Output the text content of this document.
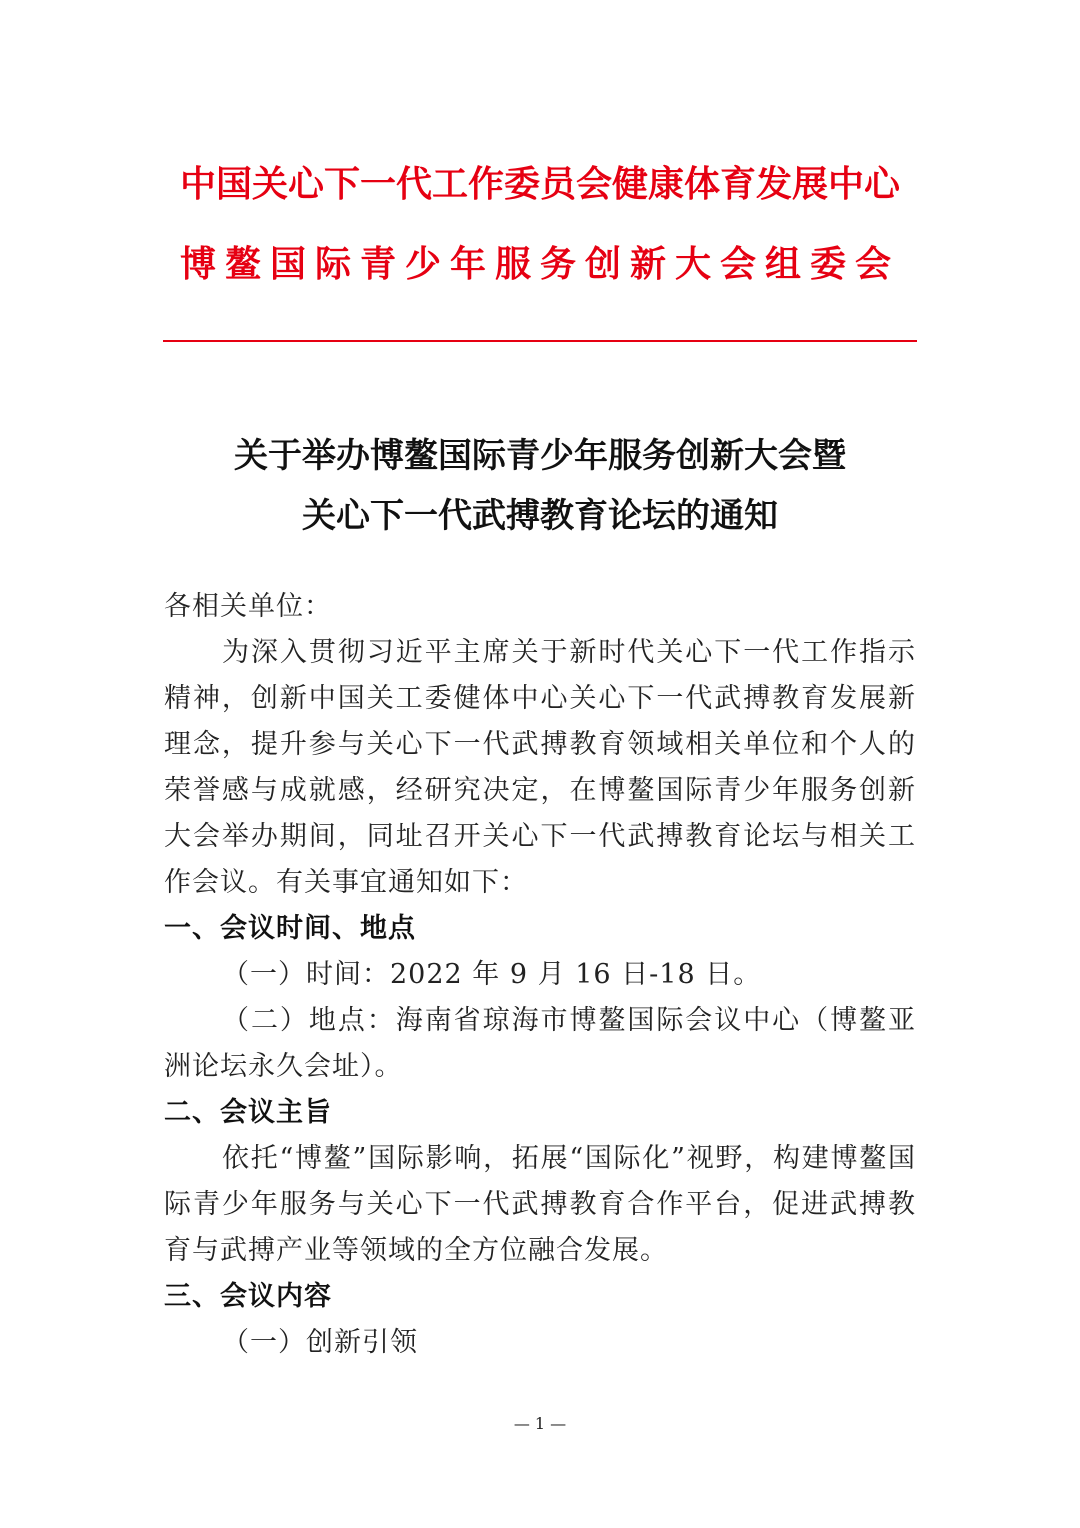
中国关心下一代工作委员会健康体育发展中心
博鳌国际青少年服务创新大会组委会
关于举办博鳌国际青少年服务创新大会暨
关心下一代武搏教育论坛的通知

各相关单位：

为深入贯彻习近平主席关于新时代关心下一代工作指示精神，创新中国关工委健体中心关心下一代武搏教育发展新理念，提升参与关心下一代武搏教育领域相关单位和个人的荣誉感与成就感，经研究决定，在博鳌国际青少年服务创新大会举办期间，同址召开关心下一代武搏教育论坛与相关工作会议。有关事宜通知如下：

一、会议时间、地点

（一）时间：2022 年 9 月 16 日-18 日。

（二）地点：海南省琼海市博鳌国际会议中心（博鳌亚洲论坛永久会址）。

二、会议主旨

依托“博鳌”国际影响，拓展“国际化”视野，构建博鳌国际青少年服务与关心下一代武搏教育合作平台，促进武搏教育与武搏产业等领域的全方位融合发展。

三、会议内容

（一）创新引领

— 1 —
